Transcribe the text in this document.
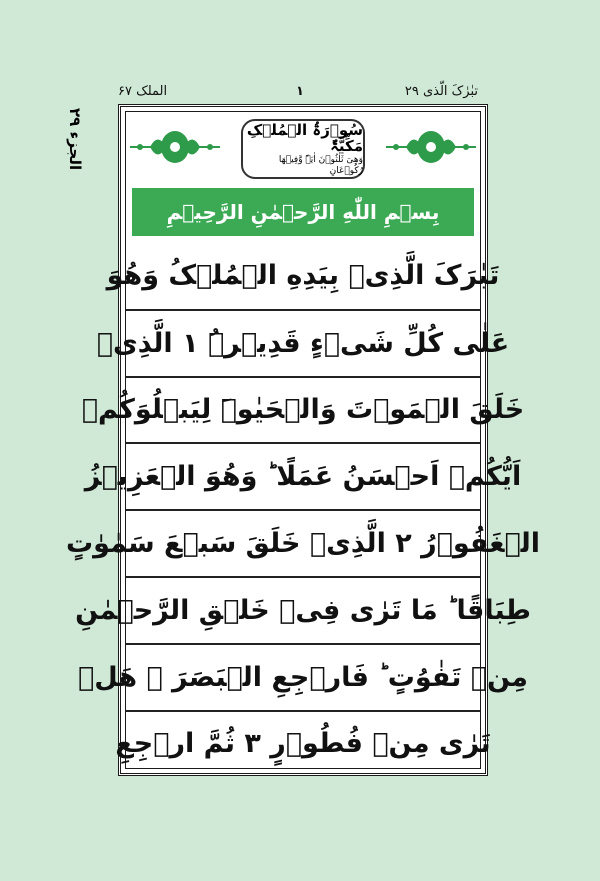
تبٰرٰکَ الّذی ۲۹
۱
الملک ۶۷
الجزء ۲۹	سُوۡرَۃُ الۡمُلۡکِ مَکِّیَّۃٌ
وَهِیَ ثَلٰثُوۡنَ اٰیَۃً وَّفِیۡهَا رُکُوۡعَانِ
بِسۡمِ اللّٰهِ الرَّحۡمٰنِ الرَّحِیۡمِ
تَبٰرَکَ الَّذِیۡ بِیَدِهِ الۡمُلۡکُ وَهُوَ
عَلٰی کُلِّ شَیۡءٍ قَدِیۡرُۨ ۱ الَّذِیۡ
خَلَقَ الۡمَوۡتَ وَالۡحَیٰوۃَ لِیَبۡلُوَکُمۡ
اَیُّکُمۡ اَحۡسَنُ عَمَلًا ؕ وَهُوَ الۡعَزِیۡزُ
الۡغَفُوۡرُ ۲ الَّذِیۡ خَلَقَ سَبۡعَ سَمٰوٰتٍ
طِبَاقًا ؕ مَا تَرٰی فِیۡ خَلۡقِ الرَّحۡمٰنِ
مِنۡ تَفٰوُتٍ ؕ فَارۡجِعِ الۡبَصَرَ ۙ هَلۡ
تَرٰی مِنۡ فُطُوۡرٍ ۳ ثُمَّ ارۡجِعِ
